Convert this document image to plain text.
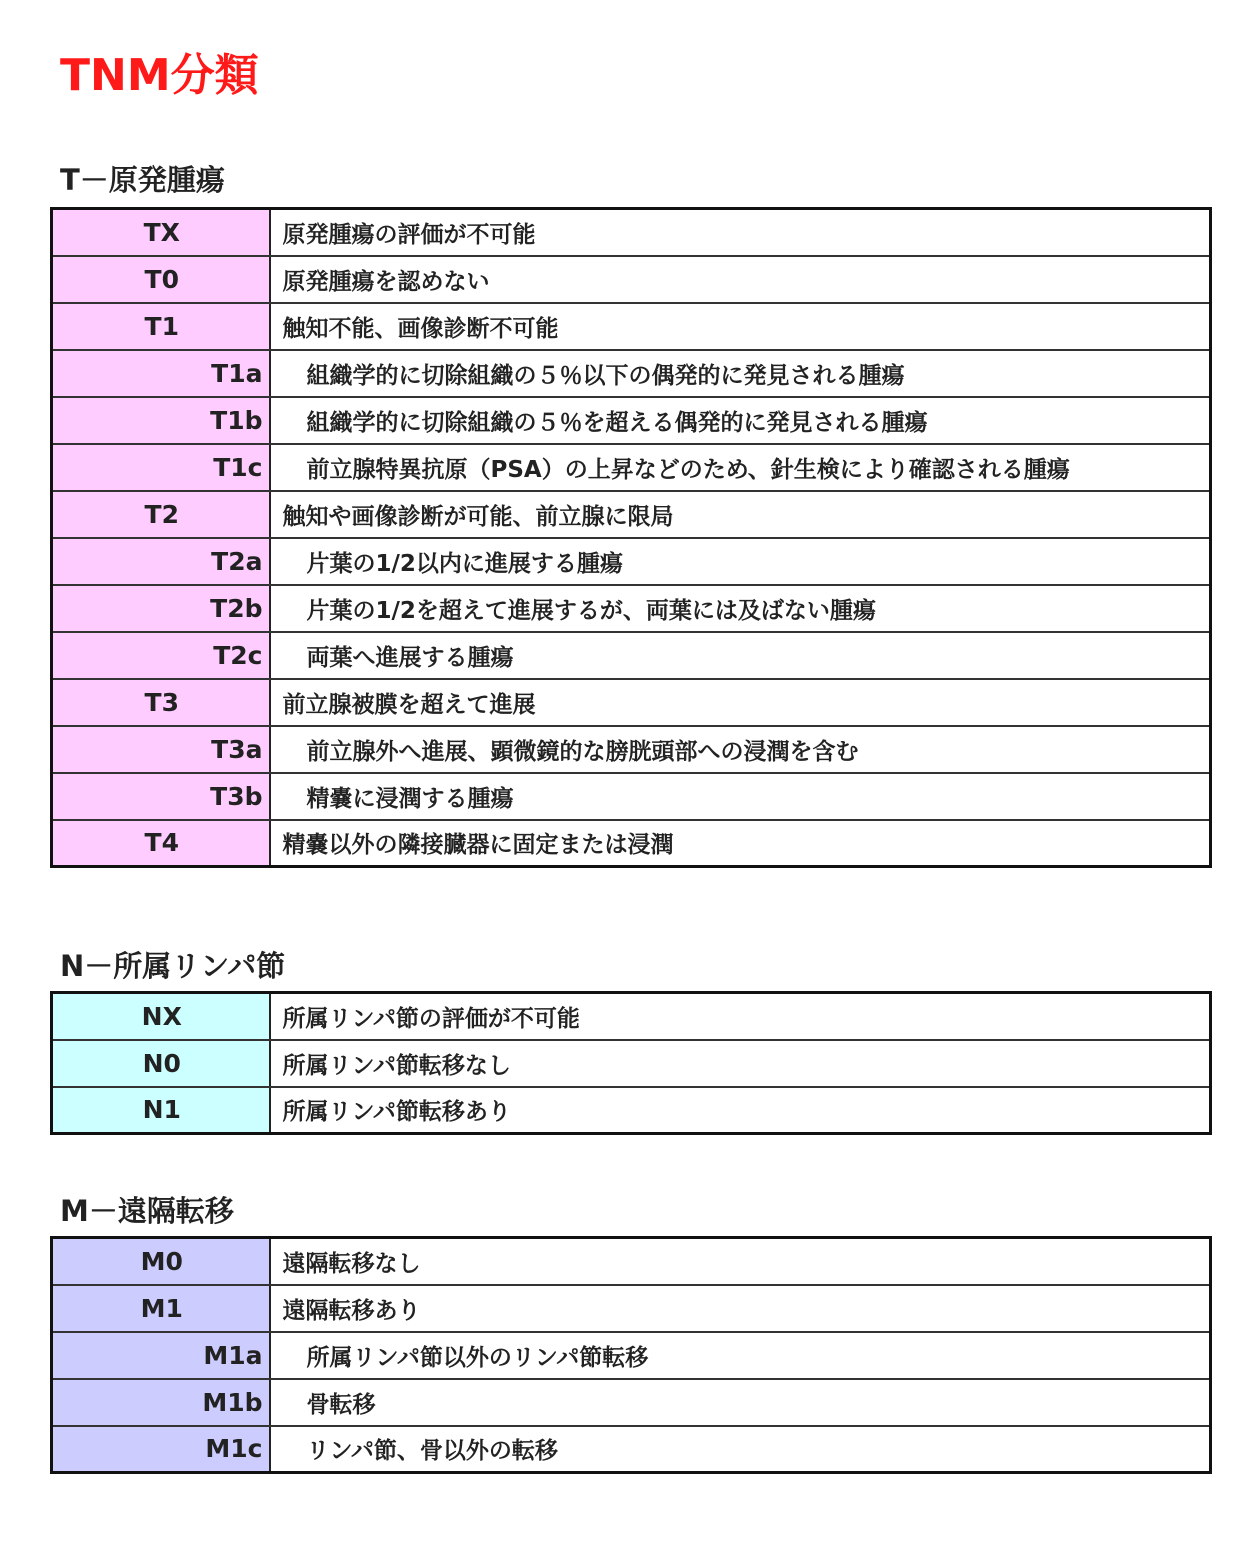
TNM分類
T－原発腫瘍
TX	原発腫瘍の評価が不可能
T0	原発腫瘍を認めない
T1	触知不能、画像診断不可能
T1a	組織学的に切除組織の５％以下の偶発的に発見される腫瘍
T1b	組織学的に切除組織の５％を超える偶発的に発見される腫瘍
T1c	前立腺特異抗原（PSA）の上昇などのため、針生検により確認される腫瘍
T2	触知や画像診断が可能、前立腺に限局
T2a	片葉の1/2以内に進展する腫瘍
T2b	片葉の1/2を超えて進展するが、両葉には及ばない腫瘍
T2c	両葉へ進展する腫瘍
T3	前立腺被膜を超えて進展
T3a	前立腺外へ進展、顕微鏡的な膀胱頭部への浸潤を含む
T3b	精嚢に浸潤する腫瘍
T4	精嚢以外の隣接臓器に固定または浸潤
N－所属リンパ節
NX	所属リンパ節の評価が不可能
N0	所属リンパ節転移なし
N1	所属リンパ節転移あり
M－遠隔転移
M0	遠隔転移なし
M1	遠隔転移あり
M1a	所属リンパ節以外のリンパ節転移
M1b	骨転移
M1c	リンパ節、骨以外の転移
